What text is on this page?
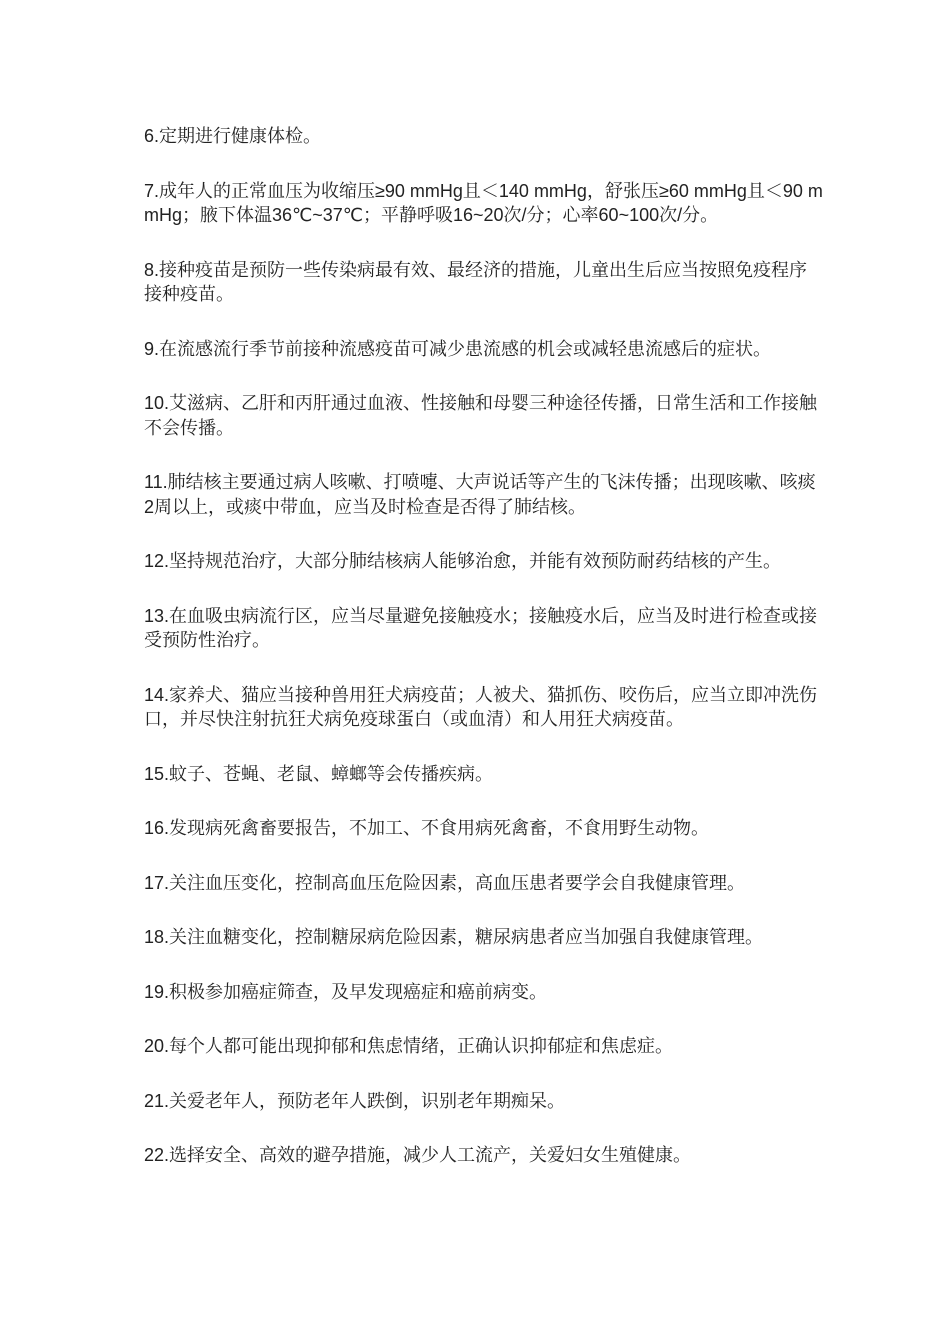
6.定期进行健康体检。

7.成年人的正常血压为收缩压≥90 mmHg且＜140 mmHg，舒张压≥60 mmHg且＜90 mmHg；腋下体温36℃~37℃；平静呼吸16~20次/分；心率60~100次/分。

8.接种疫苗是预防一些传染病最有效、最经济的措施，儿童出生后应当按照免疫程序接种疫苗。

9.在流感流行季节前接种流感疫苗可减少患流感的机会或减轻患流感后的症状。

10.艾滋病、乙肝和丙肝通过血液、性接触和母婴三种途径传播，日常生活和工作接触不会传播。

11.肺结核主要通过病人咳嗽、打喷嚏、大声说话等产生的飞沫传播；出现咳嗽、咳痰2周以上，或痰中带血，应当及时检查是否得了肺结核。

12.坚持规范治疗，大部分肺结核病人能够治愈，并能有效预防耐药结核的产生。

13.在血吸虫病流行区，应当尽量避免接触疫水；接触疫水后，应当及时进行检查或接受预防性治疗。

14.家养犬、猫应当接种兽用狂犬病疫苗；人被犬、猫抓伤、咬伤后，应当立即冲洗伤口，并尽快注射抗狂犬病免疫球蛋白（或血清）和人用狂犬病疫苗。

15.蚊子、苍蝇、老鼠、蟑螂等会传播疾病。

16.发现病死禽畜要报告，不加工、不食用病死禽畜，不食用野生动物。

17.关注血压变化，控制高血压危险因素，高血压患者要学会自我健康管理。

18.关注血糖变化，控制糖尿病危险因素，糖尿病患者应当加强自我健康管理。

19.积极参加癌症筛查，及早发现癌症和癌前病变。

20.每个人都可能出现抑郁和焦虑情绪，正确认识抑郁症和焦虑症。

21.关爱老年人，预防老年人跌倒，识别老年期痴呆。

22.选择安全、高效的避孕措施，减少人工流产，关爱妇女生殖健康。
